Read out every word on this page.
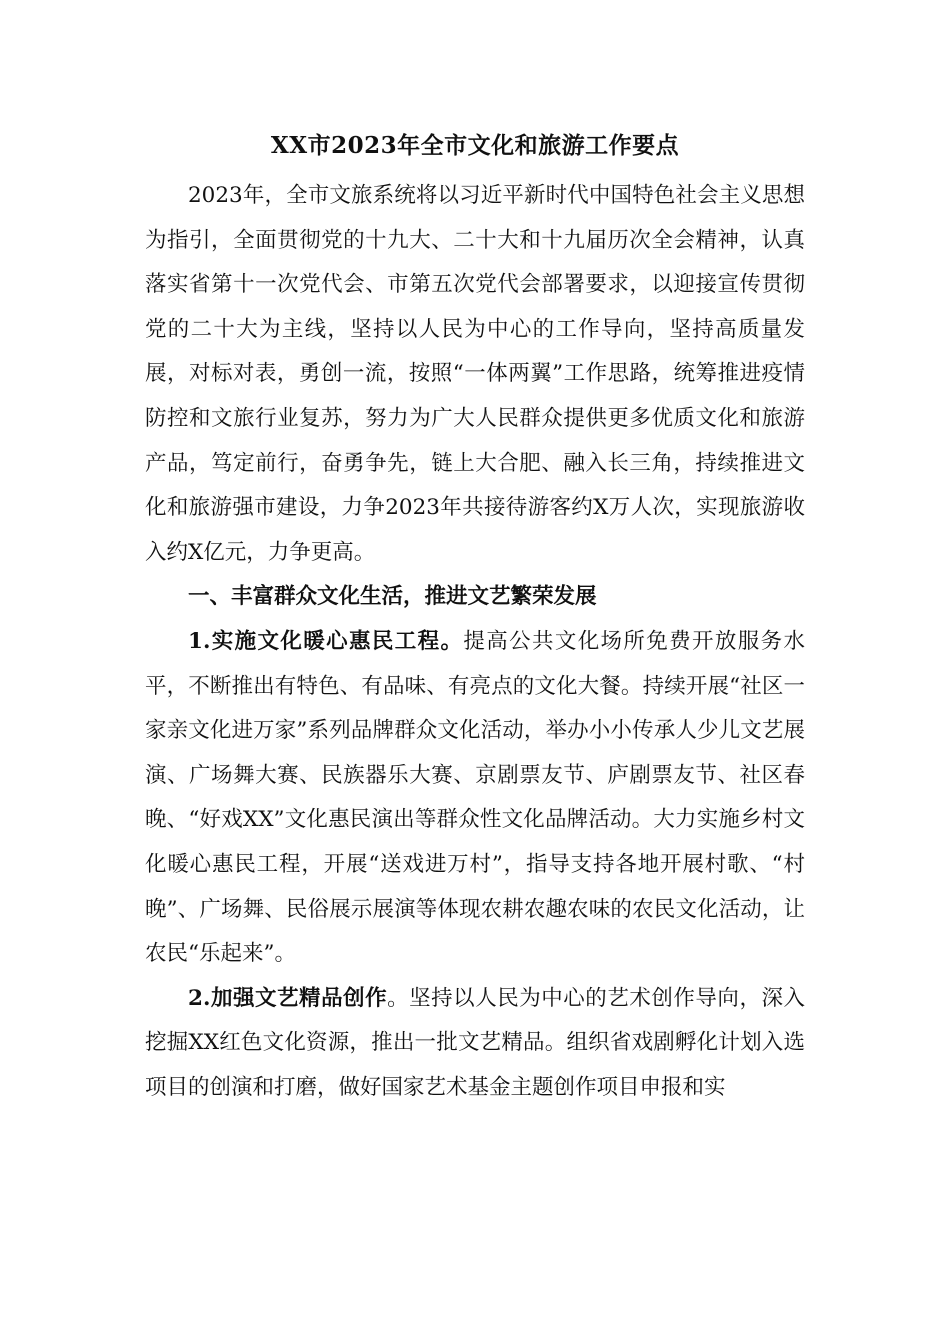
XX市2023年全市文化和旅游工作要点

2023年，全市文旅系统将以习近平新时代中国特色社会主义思想为指引，全面贯彻党的十九大、二十大和十九届历次全会精神，认真落实省第十一次党代会、市第五次党代会部署要求，以迎接宣传贯彻党的二十大为主线，坚持以人民为中心的工作导向，坚持高质量发展，对标对表，勇创一流，按照“一体两翼”工作思路，统筹推进疫情防控和文旅行业复苏，努力为广大人民群众提供更多优质文化和旅游产品，笃定前行，奋勇争先，链上大合肥、融入长三角，持续推进文化和旅游强市建设，力争2023年共接待游客约X万人次，实现旅游收入约X亿元，力争更高。

一、丰富群众文化生活，推进文艺繁荣发展

1.实施文化暖心惠民工程。提高公共文化场所免费开放服务水平，不断推出有特色、有品味、有亮点的文化大餐。持续开展“社区一家亲文化进万家”系列品牌群众文化活动，举办小小传承人少儿文艺展演、广场舞大赛、民族器乐大赛、京剧票友节、庐剧票友节、社区春晚、“好戏XX”文化惠民演出等群众性文化品牌活动。大力实施乡村文化暖心惠民工程，开展“送戏进万村”，指导支持各地开展村歌、“村晚”、广场舞、民俗展示展演等体现农耕农趣农味的农民文化活动，让农民“乐起来”。

2.加强文艺精品创作。坚持以人民为中心的艺术创作导向，深入挖掘XX红色文化资源，推出一批文艺精品。组织省戏剧孵化计划入选项目的创演和打磨，做好国家艺术基金主题创作项目申报和实
